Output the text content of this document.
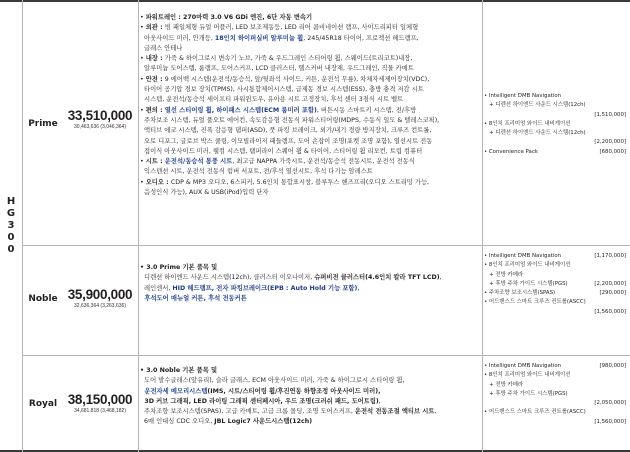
H
G
3
0
0
Prime
33,510,000
30,463,636 (3,046,364)
• 파워트레인 : 270마력 3.0 V6 GDi 엔진, 6단 자동 변속기
• 외관 : 빔 패일체형 듀얼 머플러, LED 보조제동등, LED 리어 콤비네이션 램프, 사이드리피터 일체형
아웃사이드 미러, 안개등, 18인치 하이퍼실버 알루미늄 휠, 245/45R18 타이어, 프로젝션 헤드램프,
글래스 안테나
• 내장 : 가죽 & 하이그로시 변속기 노브, 가죽 & 우드그레인 스티어링 휠, 스웨이드(트리코트)내장,
알루미늄 도어스텝, 룸램프, 도어스커프, LCD 클러스터, 헬스커버 내장재, 우드그레인, 직물 카매트
• 안전 : 9 에어백 시스템(운전석/동승석, 앞/뒷좌석 사이드, 커튼, 운전석 무릎), 차체자세제어장치(VDC),
타이어 공기압 경보 장치(TPMS), 사시통합제어시스템, 급제동 경보 시스템(ESS), 충방 충격 저감 시트
시스템, 운전석/동승석 세이프티 파워윈도우, 유아용 시트 고정장치, 후석 센터 3점식 시트 벨트
• 편의 : 열선 스티어링 휠, 하이패스 시스템(ECM 룸미러 포함), 버튼시동 스마트키 시스템, 전/후방
주차보조 시스템, 듀얼 풀오토 에어컨, 속도감응형 전동식 파워스티어링(MDPS, 수동식 일도 & 텔레스코픽),
액티브 에코 시스템, 진폭 감응형 댐퍼(ASD), 풋 파킹 브레이크, 외기/내기 경량 방지장치, 크루즈 컨트롤,
오토 디포그, 글로브 박스 쿨링, 이모빌라이저 패들램프, 도어 손잡이 조명(포켓 조명 포함), 열선시트 전동
접이식 아웃사이드 미러, 웰컴 시스템, 탬퍼라이 스퀘어 휠 & 타이어, 스티어링 휠 리모컨, 트립 컴퓨터
• 시트 : 운전석/동승석 통풍 시트, 최고급 NAPPA 가죽시트, 운전석/동승석 전동시트, 운전석 전동식
익스텐션 시트, 운전석 전동식 럼버 서포트, 전/후석 열선시트, 후석 다기능 암레스트
• 오디오 : CDP & MP3 오디오, 6스피커, 5.6인치 통합표시창, 블루투스 핸즈프리(오디오 스트리밍 가능,
음성인식 가능), AUX & USB(iPod)입력 단자
• Intelligent DMB Navigation
+ 디렌션 하이엔드 사운드 시스템(12ch)

[1,510,000]
• 8인치 프리미엄 와이드 내비게이션
+ 디렌션 하이엔드 사운드 시스템(12ch)

[2,200,000]
• Convenience Pack	[680,000]
Noble 35,900,000
32,636,364 (3,263,636)
• 3.0 Prime 기본 품목 및
디렌션 하이엔드 사운드 시스템(12ch), 클러스터 이오나이저, 슈퍼비전 클러스터(4.6인치 칼라 TFT LCD),
레인센서, HID 헤드램프, 전자 파킹브레이크(EPB : Auto Hold 기능 포함),
후석도어 매뉴얼 커튼, 후석 전동커튼
• Intelligent DMB Navigation	[1,170,000]
• 8인치 프리미엄 와이드 내비게이션
+ 전방 카메라
+ 후방 주차 가이드 시스템(PGS)	[2,200,000]
• 주차조향 보조시스템(SPAS)	[290,000]
• 어드밴스드 스마트 크루즈 컨트롤(ASCC)

[1,560,000]
Royal 38,150,000
34,681,818 (3,468,182)
• 3.0 Noble 기본 품목 및
도어 발수글래스(앞유리), 슬라 글래스, ECM 아웃사이드 미러, 가죽 & 하이그로시 스티어링 휠,
운전자세 메모리시스템(IMS, 시트/스티어링 휠/후진연동 하향조정 아웃사이드 미러),
3D 커브 그래픽, LED 라이팅 그래픽 센터페시아, 우드 조명(크러쉬 패드, 도어트림),
주차조향 보조시스템(SPAS), 고급 카매트, 고급 크롬 몰딩, 조명 도어스커프, 운전석 전동조절 액티브 시트,
6매 인대싱 CDC 오디오, JBL Logic7 사운드시스템(12ch)
• Intelligent DMB Navigation	[980,000]
• 8인치 프리미엄 와이드 내비게이션
+ 전방 카메라
+ 후방 주차 가이드 시스템(PGS)

[2,050,000]
• 어드밴스드 스마트 크루즈 컨트롤(ASCC)

[1,560,000]
